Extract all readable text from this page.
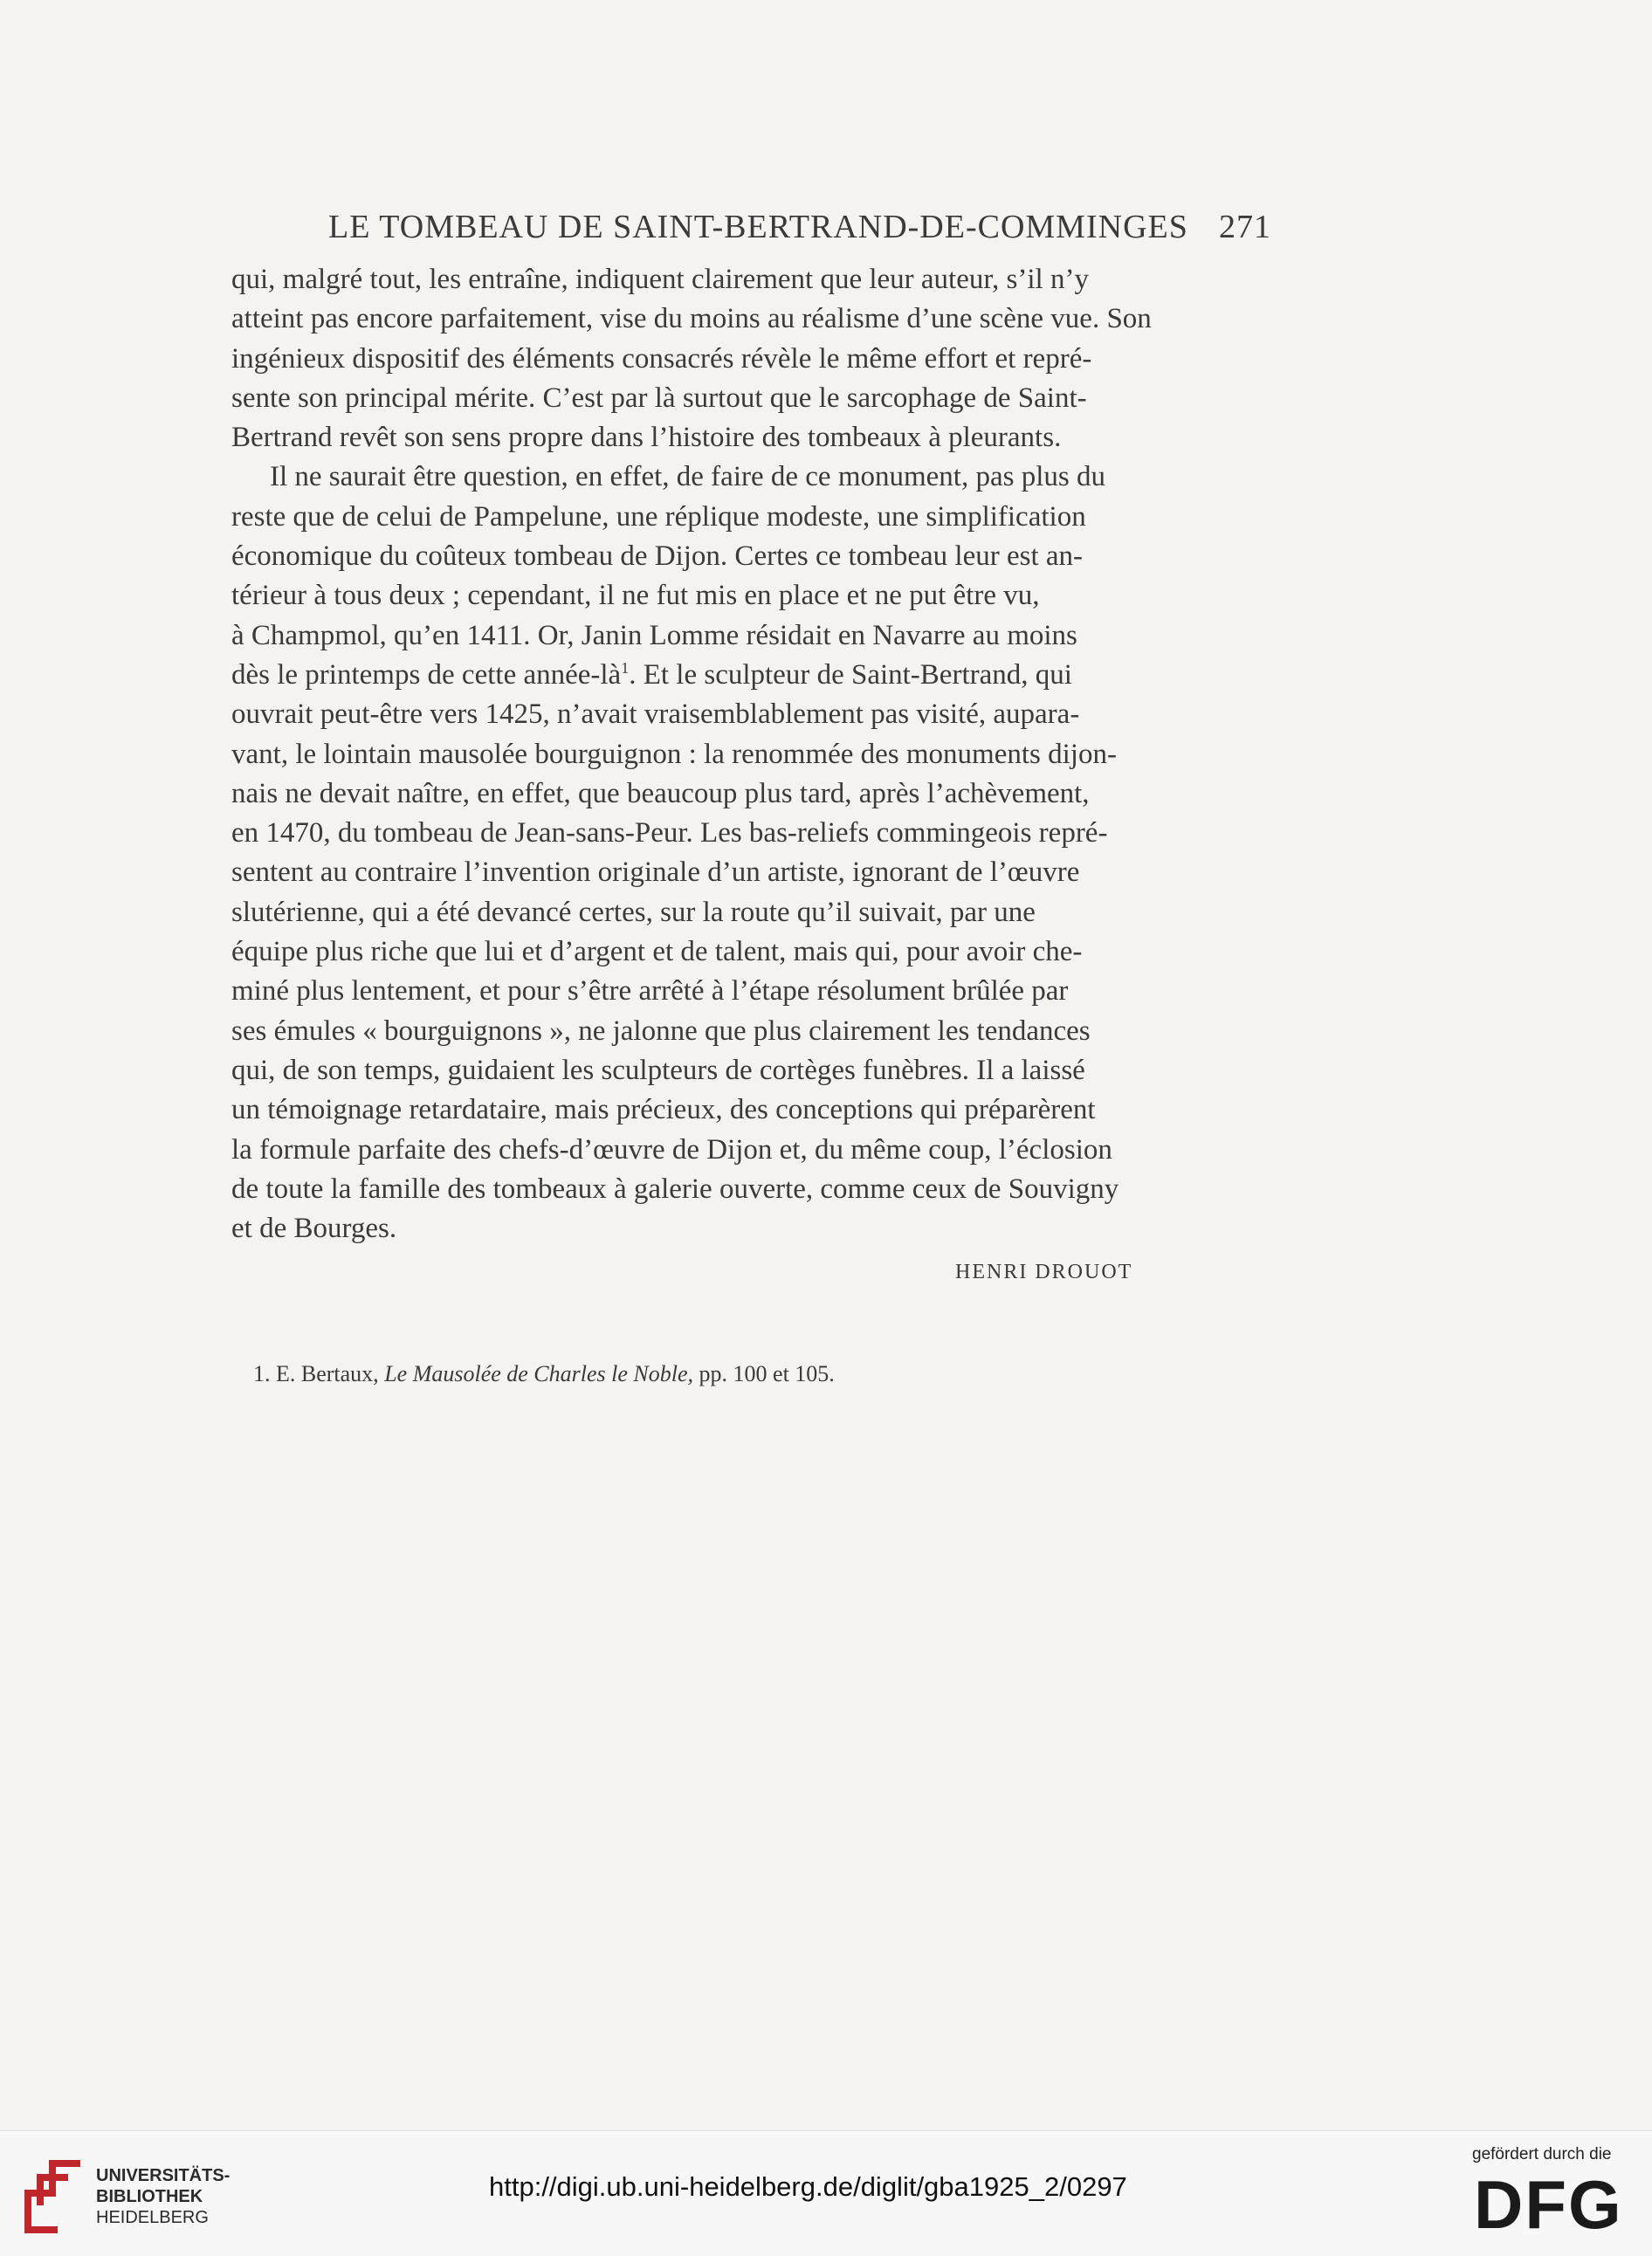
LE TOMBEAU DE SAINT-BERTRAND-DE-COMMINGES 271
qui, malgré tout, les entraîne, indiquent clairement que leur auteur, s’il n’y
atteint pas encore parfaitement, vise du moins au réalisme d’une scène vue. Son
ingénieux dispositif des éléments consacrés révèle le même effort et repré-
sente son principal mérite. C’est par là surtout que le sarcophage de Saint-
Bertrand revêt son sens propre dans l’histoire des tombeaux à pleurants.
Il ne saurait être question, en effet, de faire de ce monument, pas plus du
reste que de celui de Pampelune, une réplique modeste, une simplification
économique du coûteux tombeau de Dijon. Certes ce tombeau leur est an-
térieur à tous deux ; cependant, il ne fut mis en place et ne put être vu,
à Champmol, qu’en 1411. Or, Janin Lomme résidait en Navarre au moins
dès le printemps de cette année-$là^1$. Et le sculpteur de Saint-Bertrand, qui
ouvrait peut-être vers 1425, n’avait vraisemblablement pas visité, aupara-
vant, le lointain mausolée bourguignon : la renommée des monuments dijon-
nais ne devait naître, en effet, que beaucoup plus tard, après l’achèvement,
en 1470, du tombeau de Jean-sans-Peur. Les bas-reliefs commingeois repré-
sentent au contraire l’invention originale d’un artiste, ignorant de l’œuvre
slutérienne, qui a été devancé certes, sur la route qu’il suivait, par une
équipe plus riche que lui et d’argent et de talent, mais qui, pour avoir che-
miné plus lentement, et pour s’être arrêté à l’étape résolument brûlée par
ses émules « bourguignons », ne jalonne que plus clairement les tendances
qui, de son temps, guidaient les sculpteurs de cortèges funèbres. Il a laissé
un témoignage retardataire, mais précieux, des conceptions qui préparèrent
la formule parfaite des chefs-d’œuvre de Dijon et, du même coup, l’éclosion
de toute la famille des tombeaux à galerie ouverte, comme ceux de Souvigny
et de Bourges.
HENRI DROUOT
1. E. Bertaux, Le Mausolée de Charles le Noble, pp. 100 et 105.
UNIVERSITÄTS-
BIBLIOTHEK
HEIDELBERG
http://digi.ub.uni-heidelberg.de/diglit/gba1925_2/0297
gefördert durch die
DFG
